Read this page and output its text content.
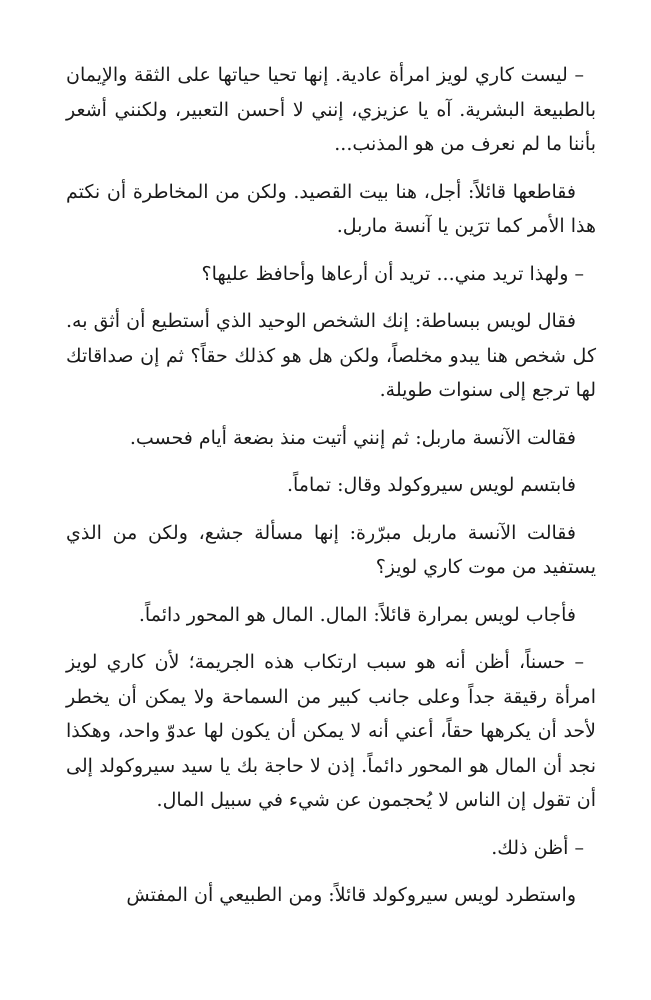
– ليست كاري لويز امرأة عادية. إنها تحيا حياتها على الثقة والإيمان بالطبيعة البشرية. آه يا عزيزي، إنني لا أحسن التعبير، ولكنني أشعر بأننا ما لم نعرف من هو المذنب...

فقاطعها قائلاً: أجل، هنا بيت القصيد. ولكن من المخاطرة أن نكتم هذا الأمر كما ترَين يا آنسة ماربل.

– ولهذا تريد مني... تريد أن أرعاها وأحافظ عليها؟

فقال لويس ببساطة: إنك الشخص الوحيد الذي أستطيع أن أثق به. كل شخص هنا يبدو مخلصاً، ولكن هل هو كذلك حقاً؟ ثم إن صداقاتك لها ترجع إلى سنوات طويلة.

فقالت الآنسة ماربل: ثم إنني أتيت منذ بضعة أيام فحسب.

فابتسم لويس سيروكولد وقال: تماماً.

فقالت الآنسة ماربل مبرّرة: إنها مسألة جشع، ولكن من الذي يستفيد من موت كاري لويز؟

فأجاب لويس بمرارة قائلاً: المال. المال هو المحور دائماً.

– حسناً، أظن أنه هو سبب ارتكاب هذه الجريمة؛ لأن كاري لويز امرأة رقيقة جداً وعلى جانب كبير من السماحة ولا يمكن أن يخطر لأحد أن يكرهها حقاً، أعني أنه لا يمكن أن يكون لها عدوّ واحد، وهكذا نجد أن المال هو المحور دائماً. إذن لا حاجة بك يا سيد سيروكولد إلى أن تقول إن الناس لا يُحجمون عن شيء في سبيل المال.

– أظن ذلك.

واستطرد لويس سيروكولد قائلاً: ومن الطبيعي أن المفتش
